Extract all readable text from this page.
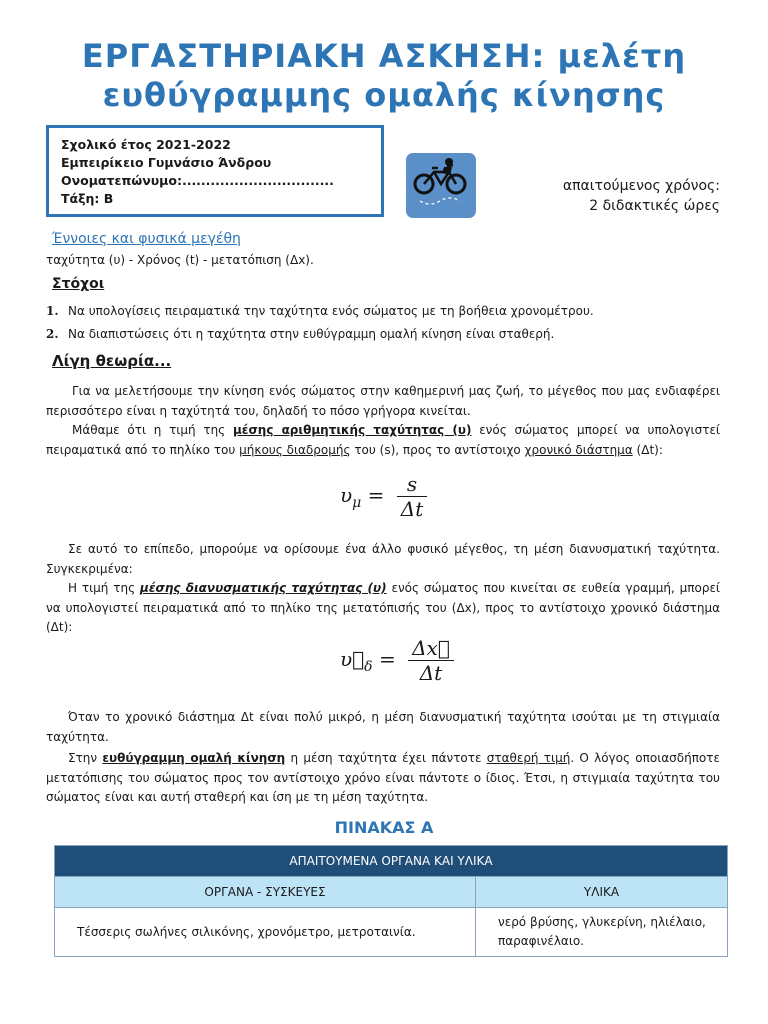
ΕΡΓΑΣΤΗΡΙΑΚΗ ΑΣΚΗΣΗ: μελέτη
ευθύγραμμης ομαλής κίνησης
Σχολικό έτος 2021-2022
Εμπειρίκειο Γυμνάσιο Άνδρου
Ονοματεπώνυμο:................................
Τάξη: Β
απαιτούμενος χρόνος:
2 διδακτικές ώρες
Έννοιες και φυσικά μεγέθη
ταχύτητα (υ) - Χρόνος (t) - μετατόπιση (Δx).
Στόχοι
1. Να υπολογίσεις πειραματικά την ταχύτητα ενός σώματος με τη βοήθεια χρονομέτρου.
2. Να διαπιστώσεις ότι η ταχύτητα στην ευθύγραμμη ομαλή κίνηση είναι σταθερή.
Λίγη θεωρία...
Για να μελετήσουμε την κίνηση ενός σώματος στην καθημερινή μας ζωή, το μέγεθος που μας ενδιαφέρει περισσότερο είναι η ταχύτητά του, δηλαδή το πόσο γρήγορα κινείται.
Μάθαμε ότι η τιμή της μέσης αριθμητικής ταχύτητας (υ) ενός σώματος μπορεί να υπολογιστεί πειραματικά από το πηλίκο του μήκους διαδρομής του (s), προς το αντίστοιχο χρονικό διάστημα (Δt):
$\upsilon_\mu = \frac{s}{\Delta t}$
Σε αυτό το επίπεδο, μπορούμε να ορίσουμε ένα άλλο φυσικό μέγεθος, τη μέση διανυσματική ταχύτητα. Συγκεκριμένα:
Η τιμή της μέσης διανυσματικής ταχύτητας (υ) ενός σώματος που κινείται σε ευθεία γραμμή, μπορεί να υπολογιστεί πειραματικά από το πηλίκο της μετατόπισής του (Δx), προς το αντίστοιχο χρονικό διάστημα (Δt):
$\upsilon⃗_\delta = \frac{\Delta x⃗}{\Delta t}$
Όταν το χρονικό διάστημα Δt είναι πολύ μικρό, η μέση διανυσματική ταχύτητα ισούται με τη στιγμιαία ταχύτητα.
Στην ευθύγραμμη ομαλή κίνηση η μέση ταχύτητα έχει πάντοτε σταθερή τιμή. Ο λόγος οποιασδήποτε μετατόπισης του σώματος προς τον αντίστοιχο χρόνο είναι πάντοτε ο ίδιος. Έτσι, η στιγμιαία ταχύτητα του σώματος είναι και αυτή σταθερή και ίση με τη μέση ταχύτητα.
ΠΙΝΑΚΑΣ Α
ΑΠΑΙΤΟΥΜΕΝΑ ΟΡΓΑΝΑ ΚΑΙ ΥΛΙΚΑ	
ΟΡΓΑΝΑ - ΣΥΣΚΕΥΕΣ	ΥΛΙΚΑ
Τέσσερις σωλήνες σιλικόνης, χρονόμετρο, μετροταινία.	νερό βρύσης, γλυκερίνη, ηλιέλαιο, παραφινέλαιο.
